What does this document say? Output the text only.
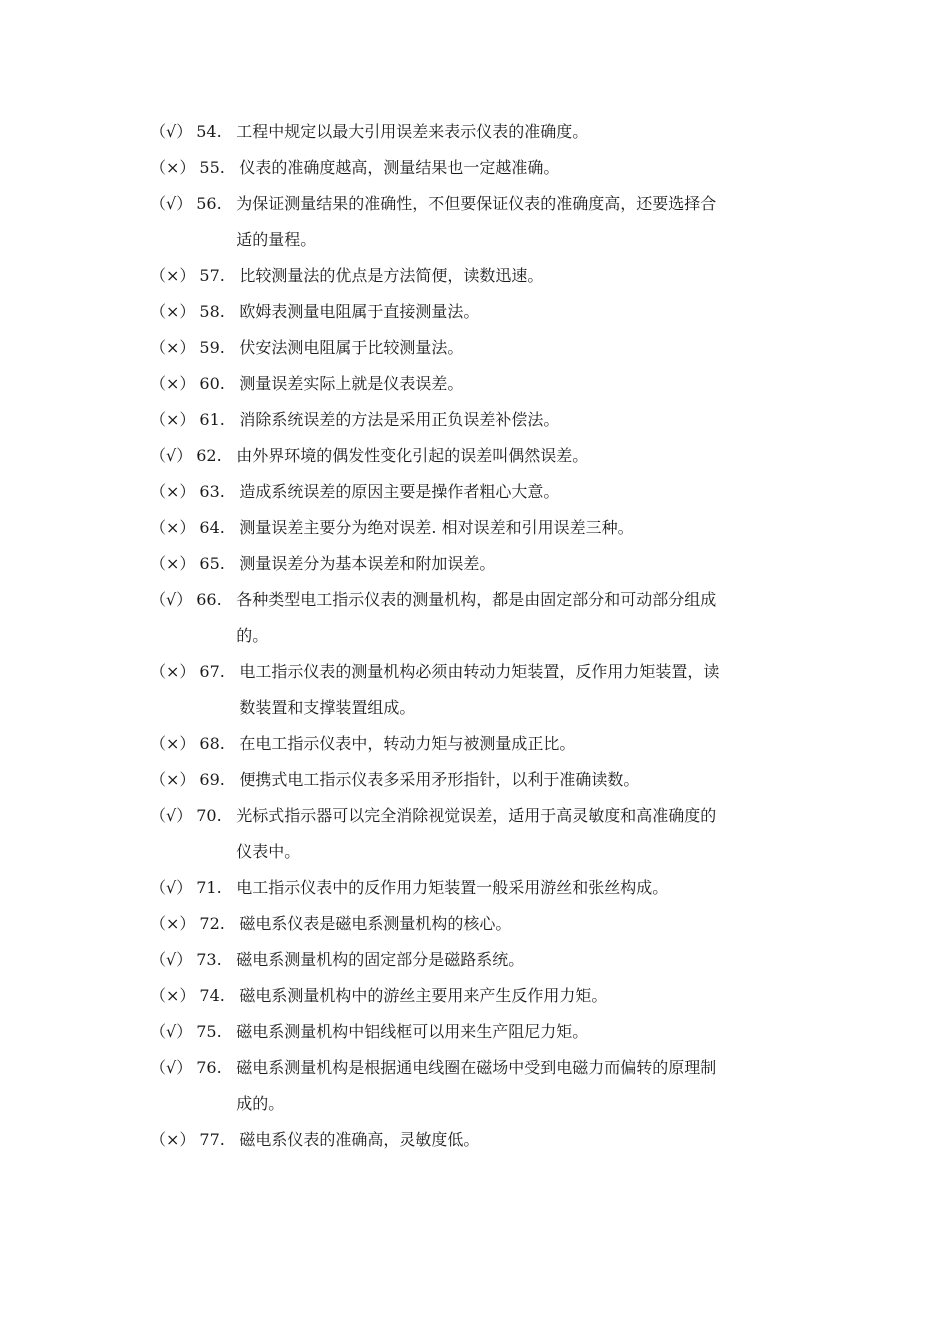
（√） 54. 工程中规定以最大引用误差来表示仪表的准确度。
（×） 55. 仪表的准确度越高，测量结果也一定越准确。
（√） 56. 为保证测量结果的准确性，不但要保证仪表的准确度高，还要选择合
适的量程。
（×） 57. 比较测量法的优点是方法简便，读数迅速。
（×） 58. 欧姆表测量电阻属于直接测量法。
（×） 59. 伏安法测电阻属于比较测量法。
（×） 60. 测量误差实际上就是仪表误差。
（×） 61. 消除系统误差的方法是采用正负误差补偿法。
（√） 62. 由外界环境的偶发性变化引起的误差叫偶然误差。
（×） 63. 造成系统误差的原因主要是操作者粗心大意。
（×） 64. 测量误差主要分为绝对误差. 相对误差和引用误差三种。
（×） 65. 测量误差分为基本误差和附加误差。
（√） 66. 各种类型电工指示仪表的测量机构，都是由固定部分和可动部分组成
的。
（×） 67. 电工指示仪表的测量机构必须由转动力矩装置，反作用力矩装置，读
数装置和支撑装置组成。
（×） 68. 在电工指示仪表中，转动力矩与被测量成正比。
（×） 69. 便携式电工指示仪表多采用矛形指针，以利于准确读数。
（√） 70. 光标式指示器可以完全消除视觉误差，适用于高灵敏度和高准确度的
仪表中。
（√） 71. 电工指示仪表中的反作用力矩装置一般采用游丝和张丝构成。
（×） 72. 磁电系仪表是磁电系测量机构的核心。
（√） 73. 磁电系测量机构的固定部分是磁路系统。
（×） 74. 磁电系测量机构中的游丝主要用来产生反作用力矩。
（√） 75. 磁电系测量机构中铝线框可以用来生产阻尼力矩。
（√） 76. 磁电系测量机构是根据通电线圈在磁场中受到电磁力而偏转的原理制
成的。
（×） 77. 磁电系仪表的准确高，灵敏度低。
